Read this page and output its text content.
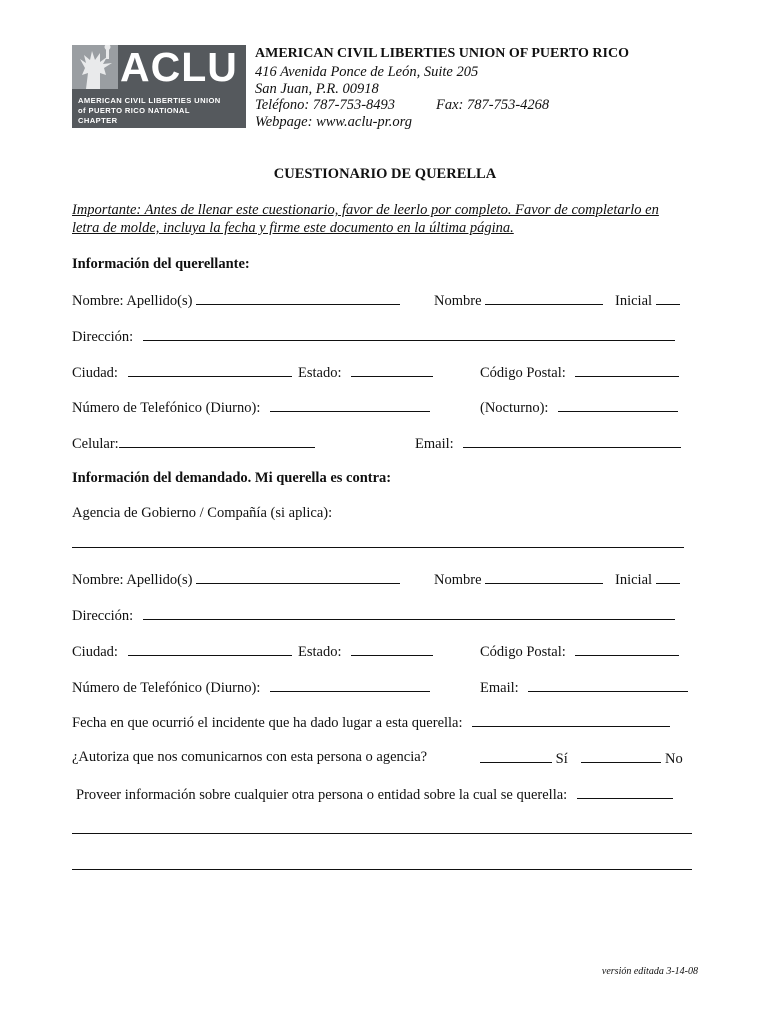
ACLU
AMERICAN CIVIL LIBERTIES UNION
of PUERTO RICO NATIONAL
CHAPTER
AMERICAN CIVIL LIBERTIES UNION OF PUERTO RICO
416 Avenida Ponce de León, Suite 205
San Juan, P.R. 00918
Teléfono: 787-753-8493	Fax: 787-753-4268
Webpage: www.aclu-pr.org
CUESTIONARIO DE QUERELLA
Importante: Antes de llenar este cuestionario, favor de leerlo por completo. Favor de completarlo en
letra de molde, incluya la fecha y firme este documento en la última página.
Información del querellante:
Nombre: Apellido(s)	Nombre	Inicial
Dirección:
Ciudad:	Estado:	Código Postal:
Número de Telefónico (Diurno):	(Nocturno):
Celular:	Email:
Información del demandado. Mi querella es contra:
Agencia de Gobierno / Compañía (si aplica):
Nombre: Apellido(s)	Nombre	Inicial
Dirección:
Ciudad:	Estado:	Código Postal:
Número de Telefónico (Diurno):	Email:
Fecha en que ocurrió el incidente que ha dado lugar a esta querella:
¿Autoriza que nos comunicarnos con esta persona o agencia?	Sí	No
Proveer información sobre cualquier otra persona o entidad sobre la cual se querella:
versión editada 3-14-08
